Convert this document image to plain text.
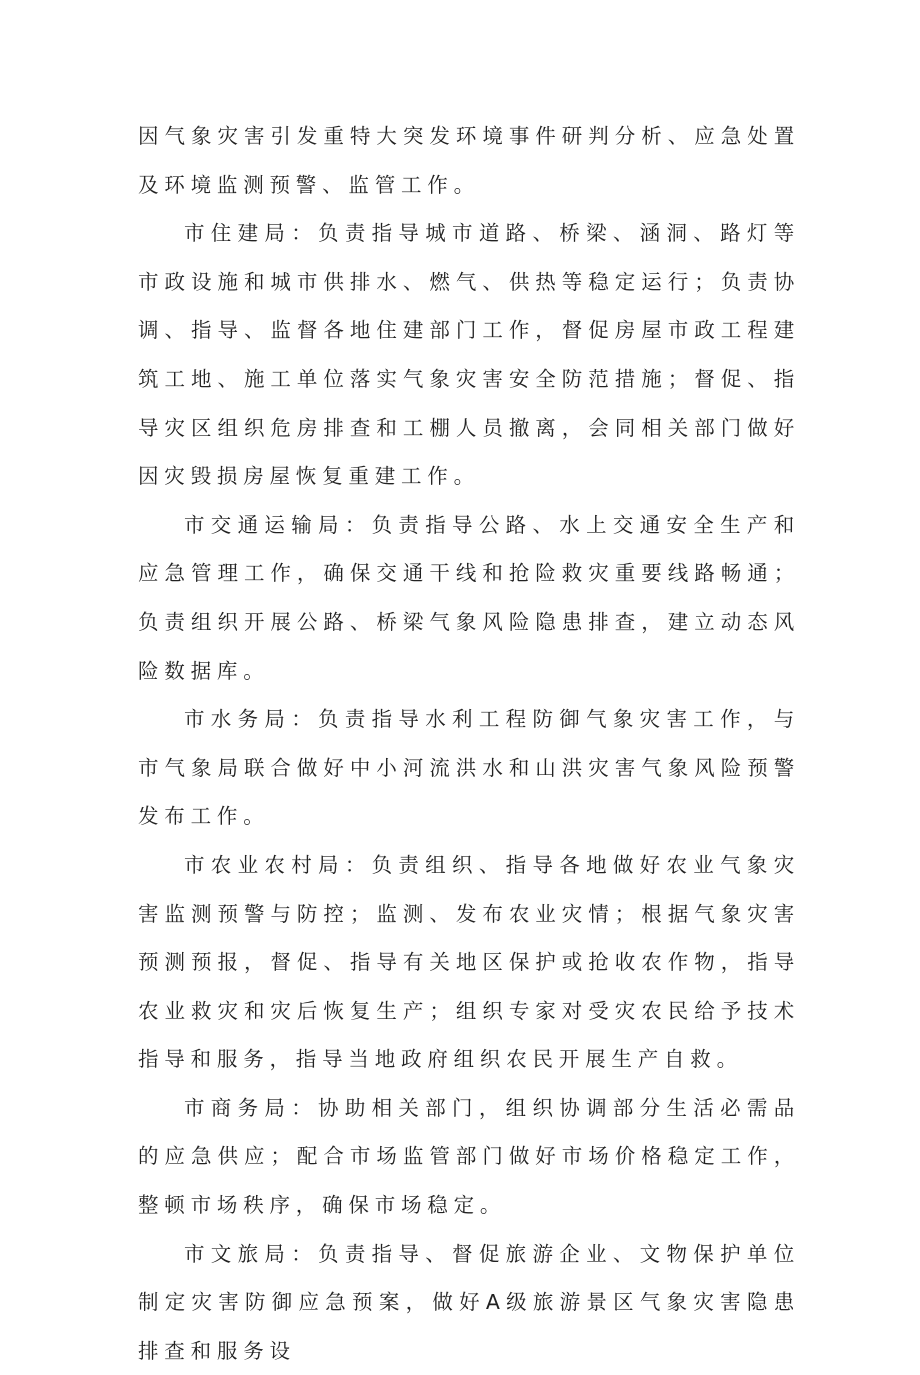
因气象灾害引发重特大突发环境事件研判分析、应急处置及环境监测预警、监管工作。

市住建局：负责指导城市道路、桥梁、涵洞、路灯等市政设施和城市供排水、燃气、供热等稳定运行；负责协调、指导、监督各地住建部门工作，督促房屋市政工程建筑工地、施工单位落实气象灾害安全防范措施；督促、指导灾区组织危房排查和工棚人员撤离，会同相关部门做好因灾毁损房屋恢复重建工作。

市交通运输局：负责指导公路、水上交通安全生产和应急管理工作，确保交通干线和抢险救灾重要线路畅通；负责组织开展公路、桥梁气象风险隐患排查，建立动态风险数据库。

市水务局：负责指导水利工程防御气象灾害工作，与市气象局联合做好中小河流洪水和山洪灾害气象风险预警发布工作。

市农业农村局：负责组织、指导各地做好农业气象灾害监测预警与防控；监测、发布农业灾情；根据气象灾害预测预报，督促、指导有关地区保护或抢收农作物，指导农业救灾和灾后恢复生产；组织专家对受灾农民给予技术指导和服务，指导当地政府组织农民开展生产自救。

市商务局：协助相关部门，组织协调部分生活必需品的应急供应；配合市场监管部门做好市场价格稳定工作，整顿市场秩序，确保市场稳定。

市文旅局：负责指导、督促旅游企业、文物保护单位制定灾害防御应急预案，做好A级旅游景区气象灾害隐患排查和服务设
